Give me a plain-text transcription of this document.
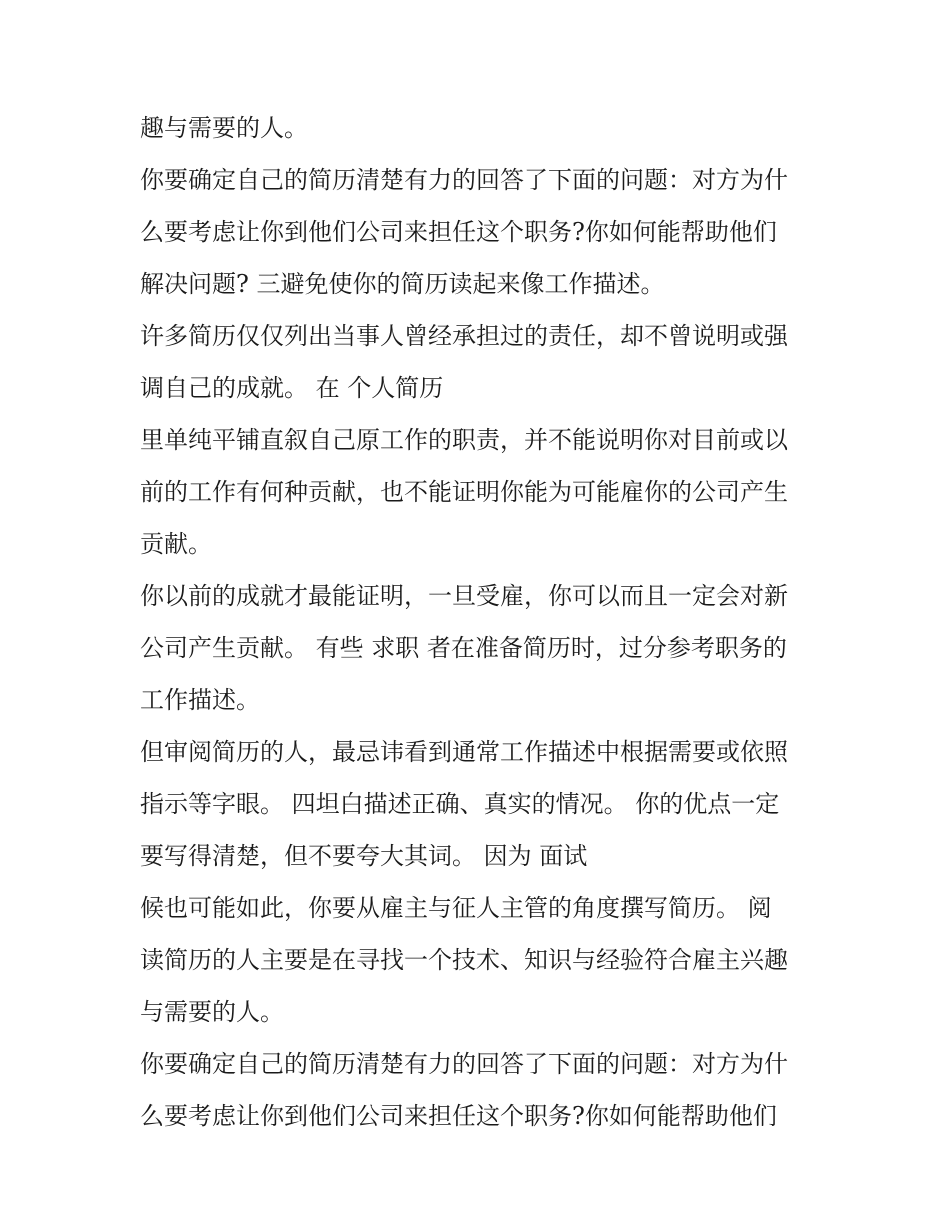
趣与需要的人。
你要确定自己的简历清楚有力的回答了下面的问题：对方为什
么要考虑让你到他们公司来担任这个职务?你如何能帮助他们
解决问题? 三避免使你的简历读起来像工作描述。
许多简历仅仅列出当事人曾经承担过的责任，却不曾说明或强
调自己的成就。 在 个人简历
里单纯平铺直叙自己原工作的职责，并不能说明你对目前或以
前的工作有何种贡献，也不能证明你能为可能雇你的公司产生
贡献。
你以前的成就才最能证明，一旦受雇，你可以而且一定会对新
公司产生贡献。 有些 求职 者在准备简历时，过分参考职务的
工作描述。
但审阅简历的人，最忌讳看到通常工作描述中根据需要或依照
指示等字眼。 四坦白描述正确、真实的情况。 你的优点一定
要写得清楚，但不要夸大其词。 因为 面试
候也可能如此，你要从雇主与征人主管的角度撰写简历。 阅
读简历的人主要是在寻找一个技术、知识与经验符合雇主兴趣
与需要的人。
你要确定自己的简历清楚有力的回答了下面的问题：对方为什
么要考虑让你到他们公司来担任这个职务?你如何能帮助他们
